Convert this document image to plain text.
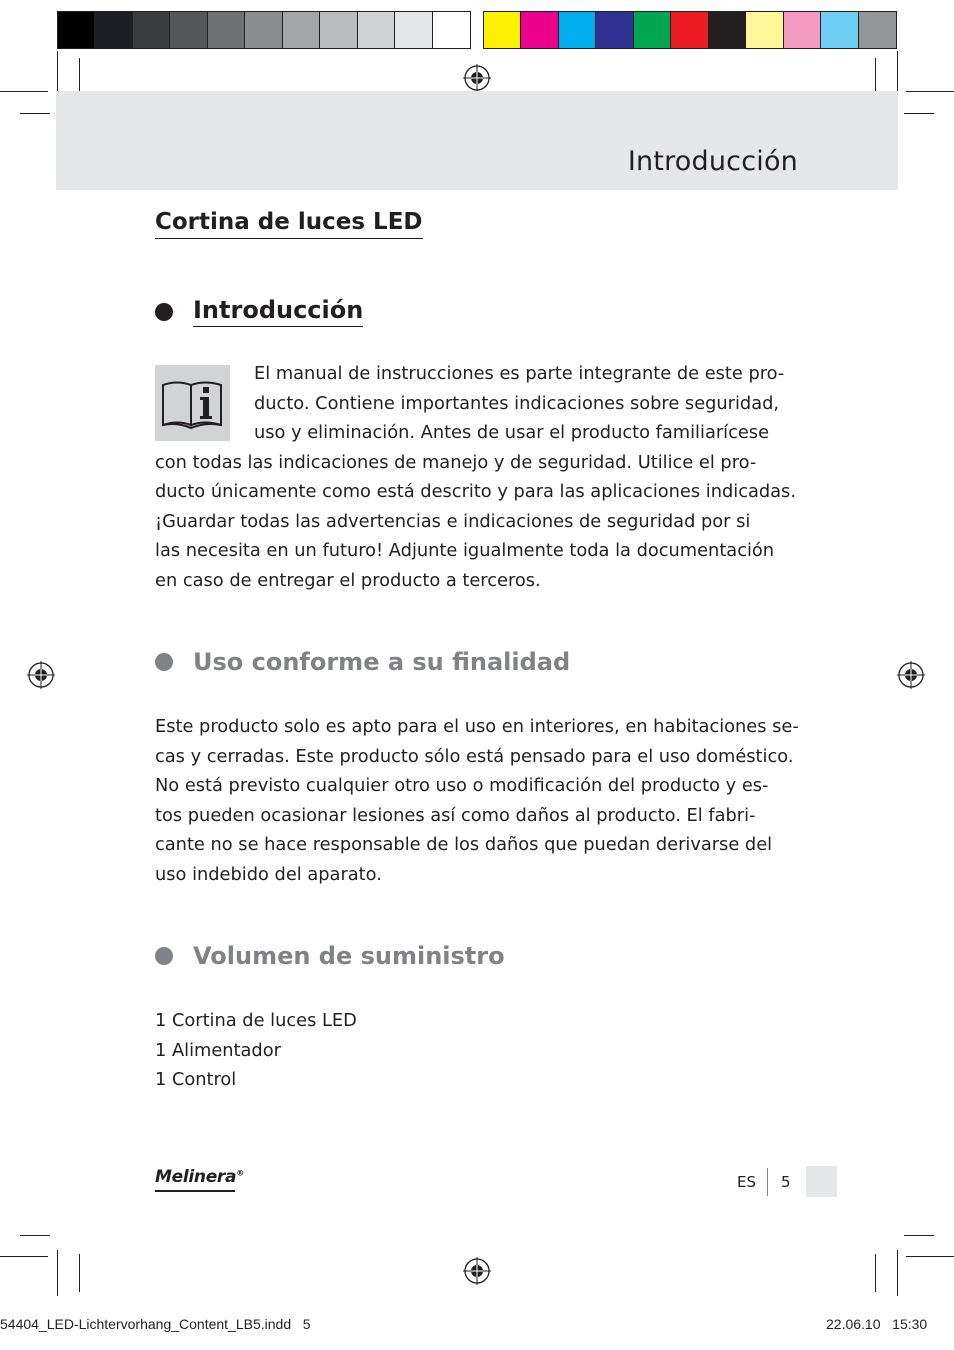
Introducción
Cortina de luces LED
Introducción
El manual de instrucciones es parte integrante de este pro-
ducto. Contiene importantes indicaciones sobre seguridad,
uso y eliminación. Antes de usar el producto familiarícese
con todas las indicaciones de manejo y de seguridad. Utilice el pro-
ducto únicamente como está descrito y para las aplicaciones indicadas.
¡Guardar todas las advertencias e indicaciones de seguridad por si
las necesita en un futuro! Adjunte igualmente toda la documentación
en caso de entregar el producto a terceros.
Uso conforme a su finalidad
Este producto solo es apto para el uso en interiores, en habitaciones se-
cas y cerradas. Este producto sólo está pensado para el uso doméstico.
No está previsto cualquier otro uso o modificación del producto y es-
tos pueden ocasionar lesiones así como daños al producto. El fabri-
cante no se hace responsable de los daños que puedan derivarse del
uso indebido del aparato.
Volumen de suministro
1 Cortina de luces LED
1 Alimentador
1 Control
Melinera®
ES 5
54404_LED-Lichtervorhang_Content_LB5.indd   5	22.06.10   15:30
